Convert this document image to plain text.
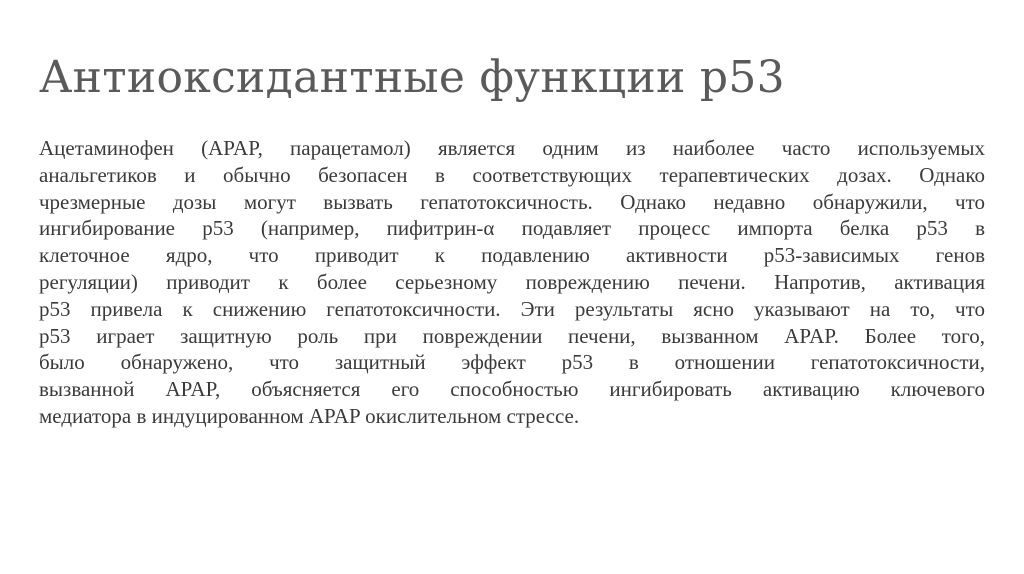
Антиоксидантные функции р53
Ацетаминофен (APAP, парацетамол) является одним из наиболее часто используемых
анальгетиков и обычно безопасен в соответствующих терапевтических дозах. Однако
чрезмерные дозы могут вызвать гепатотоксичность. Однако недавно обнаружили, что
ингибирование р53 (например, пифитрин-α подавляет процесс импорта белка р53 в
клеточное ядро, что приводит к подавлению активности р53-зависимых генов
регуляции) приводит к более серьезному повреждению печени. Напротив, активация
р53 привела к снижению гепатотоксичности. Эти результаты ясно указывают на то, что
р53 играет защитную роль при повреждении печени, вызванном APAP. Более того,
было обнаружено, что защитный эффект р53 в отношении гепатотоксичности,
вызванной APAP, объясняется его способностью ингибировать активацию ключевого
медиатора в индуцированном APAP окислительном стрессе.
